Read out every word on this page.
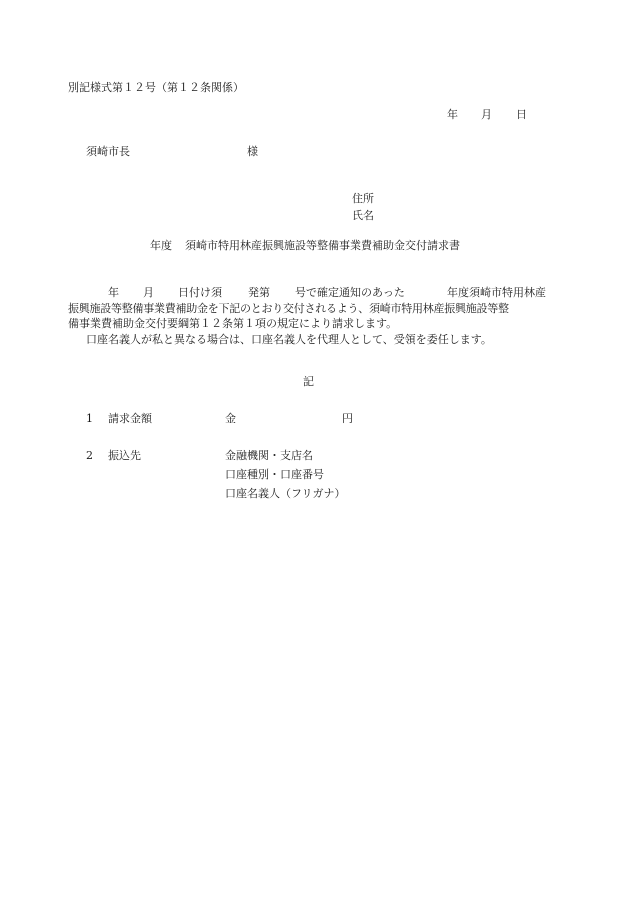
別記様式第１２号（第１２条関係）
年 月 日
須崎市長	様
住所
氏名
年度 須崎市特用林産振興施設等整備事業費補助金交付請求書
年 月 日付け須 発第 号で確定通知のあった	年度須崎市特用林産
振興施設等整備事業費補助金を下記のとおり交付されるよう、須崎市特用林産振興施設等整
備事業費補助金交付要綱第１２条第１項の規定により請求します。
口座名義人が私と異なる場合は、口座名義人を代理人として、受領を委任します。
記
1 請求金額	金	円
2 振込先	金融機関・支店名
口座種別・口座番号
口座名義人（フリガナ）
